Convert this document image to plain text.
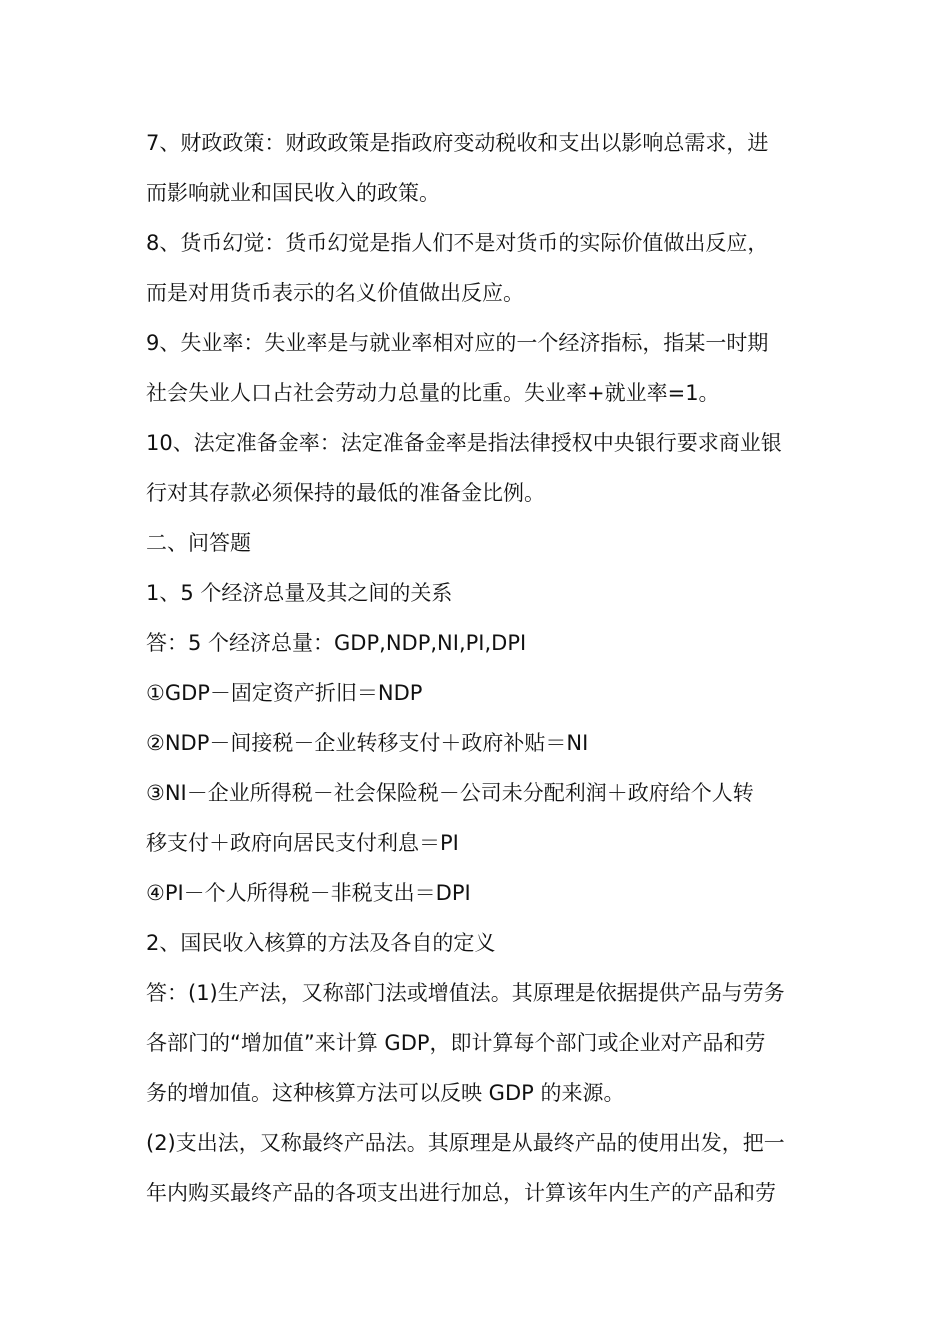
7、财政政策：财政政策是指政府变动税收和支出以影响总需求，进
而影响就业和国民收入的政策。
8、货币幻觉：货币幻觉是指人们不是对货币的实际价值做出反应，
而是对用货币表示的名义价值做出反应。
9、失业率：失业率是与就业率相对应的一个经济指标，指某一时期
社会失业人口占社会劳动力总量的比重。失业率+就业率=1。
10、法定准备金率：法定准备金率是指法律授权中央银行要求商业银
行对其存款必须保持的最低的准备金比例。
二、问答题
1、5 个经济总量及其之间的关系
答：5 个经济总量：GDP,NDP,NI,PI,DPI
①GDP－固定资产折旧＝NDP
②NDP－间接税－企业转移支付＋政府补贴＝NI
③NI－企业所得税－社会保险税－公司未分配利润＋政府给个人转
移支付＋政府向居民支付利息＝PI
④PI－个人所得税－非税支出＝DPI
2、国民收入核算的方法及各自的定义
答：(1)生产法，又称部门法或增值法。其原理是依据提供产品与劳务
各部门的“增加值”来计算 GDP，即计算每个部门或企业对产品和劳
务的增加值。这种核算方法可以反映 GDP 的来源。
(2)支出法，又称最终产品法。其原理是从最终产品的使用出发，把一
年内购买最终产品的各项支出进行加总，计算该年内生产的产品和劳
